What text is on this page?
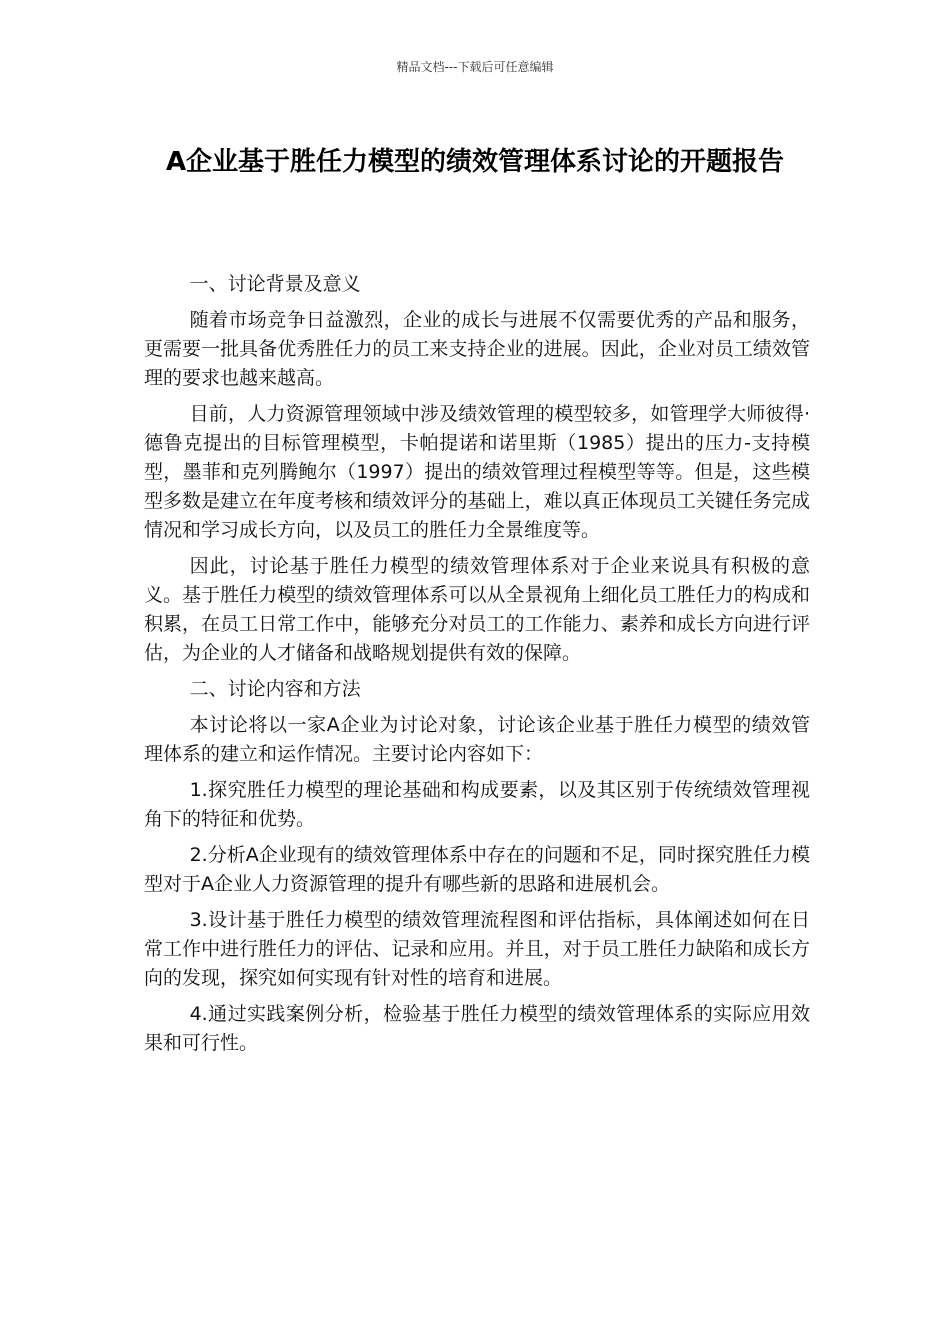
精品文档---下载后可任意编辑
A企业基于胜任力模型的绩效管理体系讨论的开题报告

一、讨论背景及意义

随着市场竞争日益激烈，企业的成长与进展不仅需要优秀的产品和服务，更需要一批具备优秀胜任力的员工来支持企业的进展。因此，企业对员工绩效管理的要求也越来越高。

目前，人力资源管理领域中涉及绩效管理的模型较多，如管理学大师彼得·德鲁克提出的目标管理模型，卡帕提诺和诺里斯（1985）提出的压力-支持模型，墨菲和克列腾鲍尔（1997）提出的绩效管理过程模型等等。但是，这些模型多数是建立在年度考核和绩效评分的基础上，难以真正体现员工关键任务完成情况和学习成长方向，以及员工的胜任力全景维度等。

因此，讨论基于胜任力模型的绩效管理体系对于企业来说具有积极的意义。基于胜任力模型的绩效管理体系可以从全景视角上细化员工胜任力的构成和积累，在员工日常工作中，能够充分对员工的工作能力、素养和成长方向进行评估，为企业的人才储备和战略规划提供有效的保障。

二、讨论内容和方法

本讨论将以一家A企业为讨论对象，讨论该企业基于胜任力模型的绩效管理体系的建立和运作情况。主要讨论内容如下：

1.探究胜任力模型的理论基础和构成要素，以及其区别于传统绩效管理视角下的特征和优势。

2.分析A企业现有的绩效管理体系中存在的问题和不足，同时探究胜任力模型对于A企业人力资源管理的提升有哪些新的思路和进展机会。

3.设计基于胜任力模型的绩效管理流程图和评估指标，具体阐述如何在日常工作中进行胜任力的评估、记录和应用。并且，对于员工胜任力缺陷和成长方向的发现，探究如何实现有针对性的培育和进展。

4.通过实践案例分析，检验基于胜任力模型的绩效管理体系的实际应用效果和可行性。
